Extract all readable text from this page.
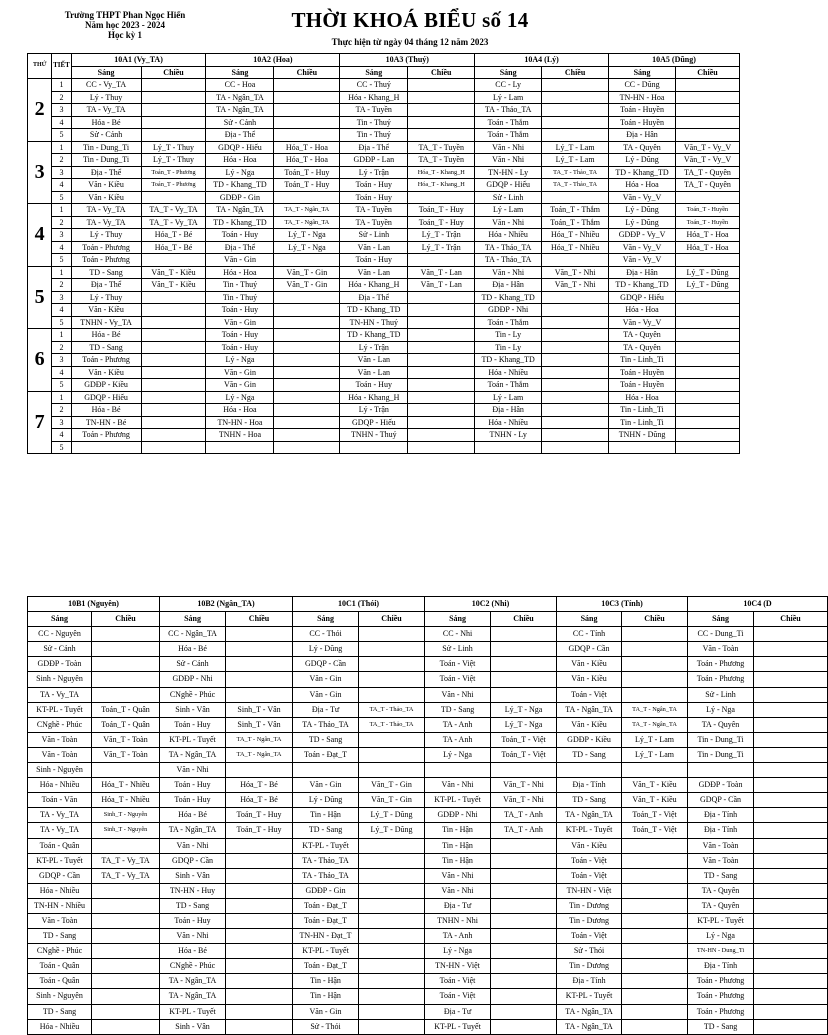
Trường THPT Phan Ngọc Hiển
Năm học 2023 - 2024
Học kỳ 1
THỜI KHOÁ BIỂU số 14
Thực hiện từ ngày 04 tháng 12 năm 2023
THỨ	TIẾT	10A1 (Vy_TA)		10A2 (Hoa)		10A3 (Thuý)		10A4 (Lý)		10A5 (Dũng)	
		Sáng	Chiều	Sáng	Chiều	Sáng	Chiều	Sáng	Chiều	Sáng	Chiều
2	1	CC - Vy_TA		CC - Hoa		CC - Thuý		CC - Ly		CC - Dũng	
	2	Lý - Thuy		TA - Ngân_TA		Hóa - Khang_H		Lý - Lam		TN-HN - Hoa	
	3	TA - Vy_TA		TA - Ngân_TA		TA - Tuyền		TA - Thảo_TA		Toán - Huyền	
	4	Hóa - Bé		Sử - Cảnh		Tin - Thuý		Toán - Thắm		Toán - Huyền	
	5	Sử - Cảnh		Địa - Thể		Tin - Thuý		Toán - Thắm		Địa - Hân	
3	1	Tin - Dung_Ti	Lý_T - Thuy	GDQP - Hiếu	Hóa_T - Hoa	Địa - Thể	TA_T - Tuyền	Văn - Nhi	Lý_T - Lam	TA - Quyên	Văn_T - Vy_V
	2	Tin - Dung_Ti	Lý_T - Thuy	Hóa - Hoa	Hóa_T - Hoa	GDĐP - Lan	TA_T - Tuyền	Văn - Nhi	Lý_T - Lam	Lý - Dũng	Văn_T - Vy_V
	3	Địa - Thể	Toán_T - Phương	Lý - Nga	Toán_T - Huy	Lý - Trận	Hóa_T - Khang_H	TN-HN - Ly	TA_T - Thảo_TA	TD - Khang_TD	TA_T - Quyên
	4	Văn - Kiều	Toán_T - Phương	TD - Khang_TD	Toán_T - Huy	Toán - Huy	Hóa_T - Khang_H	GDQP - Hiếu	TA_T - Thảo_TA	Hóa - Hoa	TA_T - Quyên
	5	Văn - Kiều		GDĐP - Gin		Toán - Huy		Sử - Linh		Văn - Vy_V	
4	1	TA - Vy_TA	TA_T - Vy_TA	TA - Ngân_TA	TA_T - Ngân_TA	TA - Tuyền	Toán_T - Huy	Lý - Lam	Toán_T - Thắm	Lý - Dũng	Toán_T - Huyền
	2	TA - Vy_TA	TA_T - Vy_TA	TD - Khang_TD	TA_T - Ngân_TA	TA - Tuyền	Toán_T - Huy	Văn - Nhi	Toán_T - Thắm	Lý - Dũng	Toán_T - Huyền
	3	Lý - Thuy	Hóa_T - Bé	Toán - Huy	Lý_T - Nga	Sử - Linh	Lý_T - Trận	Hóa - Nhiều	Hóa_T - Nhiều	GDĐP - Vy_V	Hóa_T - Hoa
	4	Toán - Phương	Hóa_T - Bé	Địa - Thể	Lý_T - Nga	Văn - Lan	Lý_T - Trận	TA - Thảo_TA	Hóa_T - Nhiều	Văn - Vy_V	Hóa_T - Hoa
	5	Toán - Phương		Văn - Gin		Toán - Huy		TA - Thảo_TA		Văn - Vy_V	
5	1	TD - Sang	Văn_T - Kiều	Hóa - Hoa	Văn_T - Gin	Văn - Lan	Văn_T - Lan	Văn - Nhi	Văn_T - Nhi	Địa - Hân	Lý_T - Dũng
	2	Địa - Thể	Văn_T - Kiều	Tin - Thuý	Văn_T - Gin	Hóa - Khang_H	Văn_T - Lan	Địa - Hân	Văn_T - Nhi	TD - Khang_TD	Lý_T - Dũng
	3	Lý - Thuy		Tin - Thuý		Địa - Thể		TD - Khang_TD		GDQP - Hiếu	
	4	Văn - Kiều		Toán - Huy		TD - Khang_TD		GDĐP - Nhi		Hóa - Hoa	
	5	TNHN - Vy_TA		Văn - Gin		TN-HN - Thuý		Toán - Thắm		Văn - Vy_V	
6	1	Hóa - Bé		Toán - Huy		TD - Khang_TD		Tin - Ly		TA - Quyên	
	2	TD - Sang		Toán - Huy		Lý - Trận		Tin - Ly		TA - Quyên	
	3	Toán - Phương		Lý - Nga		Văn - Lan		TD - Khang_TD		Tin - Linh_Ti	
	4	Văn - Kiều		Văn - Gin		Văn - Lan		Hóa - Nhiều		Toán - Huyền	
	5	GDĐP - Kiều		Văn - Gin		Toán - Huy		Toán - Thắm		Toán - Huyền	
7	1	GDQP - Hiếu		Lý - Nga		Hóa - Khang_H		Lý - Lam		Hóa - Hoa	
	2	Hóa - Bé		Hóa - Hoa		Lý - Trận		Địa - Hân		Tin - Linh_Ti	
	3	TN-HN - Bé		TN-HN - Hoa		GDQP - Hiếu		Hóa - Nhiều		Tin - Linh_Ti	
	4	Toán - Phương		TNHN - Hoa		TNHN - Thuý		TNHN - Ly		TNHN - Dũng	
	5										
10B1 (Nguyên)		10B2 (Ngân_TA)		10C1 (Thói)		10C2 (Nhi)		10C3 (Tính)		10C4 (D	
Sáng	Chiều	Sáng	Chiều	Sáng	Chiều	Sáng	Chiều	Sáng	Chiều	Sáng	Chiều
CC - Nguyên		CC - Ngân_TA		CC - Thói		CC - Nhi		CC - Tính		CC - Dung_Ti	
Sử - Cảnh		Hóa - Bé		Lý - Dũng		Sử - Linh		GDQP - Cần		Văn - Toàn	
GDĐP - Toàn		Sử - Cảnh		GDQP - Cần		Toán - Việt		Văn - Kiều		Toán - Phương	
Sinh - Nguyên		GDĐP - Nhi		Văn - Gin		Toán - Việt		Văn - Kiều		Toán - Phương	
TA - Vy_TA		CNghề - Phúc		Văn - Gin		Văn - Nhi		Toán - Việt		Sử - Linh	
KT-PL - Tuyết	Toán_T - Quân	Sinh - Vân	Sinh_T - Vân	Địa - Tư	TA_T - Thảo_TA	TD - Sang	Lý_T - Nga	TA - Ngân_TA	TA_T - Ngân_TA	Lý - Nga	
CNghề - Phúc	Toán_T - Quân	Toán - Huy	Sinh_T - Vân	TA - Thảo_TA	TA_T - Thảo_TA	TA - Anh	Lý_T - Nga	Văn - Kiều	TA_T - Ngân_TA	TA - Quyên	
Văn - Toàn	Văn_T - Toàn	KT-PL - Tuyết	TA_T - Ngân_TA	TD - Sang		TA - Anh	Toán_T - Việt	GDĐP - Kiều	Lý_T - Lam	Tin - Dung_Ti	
Văn - Toàn	Văn_T - Toàn	TA - Ngân_TA	TA_T - Ngân_TA	Toán - Đạt_T		Lý - Nga	Toán_T - Việt	TD - Sang	Lý_T - Lam	Tin - Dung_Ti	
Sinh - Nguyên		Văn - Nhi									
Hóa - Nhiều	Hóa_T - Nhiều	Toán - Huy	Hóa_T - Bé	Văn - Gin	Văn_T - Gin	Văn - Nhi	Văn_T - Nhi	Địa - Tính	Văn_T - Kiều	GDĐP - Toàn	
Toán - Văn	Hóa_T - Nhiều	Toán - Huy	Hóa_T - Bé	Lý - Dũng	Văn_T - Gin	KT-PL - Tuyết	Văn_T - Nhi	TD - Sang	Văn_T - Kiều	GDQP - Cần	
TA - Vy_TA	Sinh_T - Nguyên	Hóa - Bé	Toán_T - Huy	Tin - Hận	Lý_T - Dũng	GDĐP - Nhi	TA_T - Anh	TA - Ngân_TA	Toán_T - Việt	Địa - Tính	
TA - Vy_TA	Sinh_T - Nguyên	TA - Ngân_TA	Toán_T - Huy	TD - Sang	Lý_T - Dũng	Tin - Hận	TA_T - Anh	KT-PL - Tuyết	Toán_T - Việt	Địa - Tính	
Toán - Quân		Văn - Nhi		KT-PL - Tuyết		Tin - Hận		Văn - Kiều		Văn - Toàn	
KT-PL - Tuyết	TA_T - Vy_TA	GDQP - Cần		TA - Thảo_TA		Tin - Hận		Toán - Việt		Văn - Toàn	
GDQP - Cần	TA_T - Vy_TA	Sinh - Vân		TA - Thảo_TA		Văn - Nhi		Toán - Việt		TD - Sang	
Hóa - Nhiều		TN-HN - Huy		GDĐP - Gin		Văn - Nhi		TN-HN - Việt		TA - Quyên	
TN-HN - Nhiều		TD - Sang		Toán - Đạt_T		Địa - Tư		Tin - Dương		TA - Quyên	
Văn - Toàn		Toán - Huy		Toán - Đạt_T		TNHN - Nhi		Tin - Dương		KT-PL - Tuyết	
TD - Sang		Văn - Nhi		TN-HN - Đạt_T		TA - Anh		Toán - Việt		Lý - Nga	
CNghề - Phúc		Hóa - Bé		KT-PL - Tuyết		Lý - Nga		Sử - Thói		TN-HN - Dung_Ti	
Toán - Quân		CNghề - Phúc		Toán - Đạt_T		TN-HN - Việt		Tin - Dương		Địa - Tính	
Toán - Quân		TA - Ngân_TA		Tin - Hận		Toán - Việt		Địa - Tính		Toán - Phương	
Sinh - Nguyên		TA - Ngân_TA		Tin - Hận		Toán - Việt		KT-PL - Tuyết		Toán - Phương	
TD - Sang		KT-PL - Tuyết		Văn - Gin		Địa - Tư		TA - Ngân_TA		Toán - Phương	
Hóa - Nhiều		Sinh - Vân		Sử - Thói		KT-PL - Tuyết		TA - Ngân_TA		TD - Sang	
